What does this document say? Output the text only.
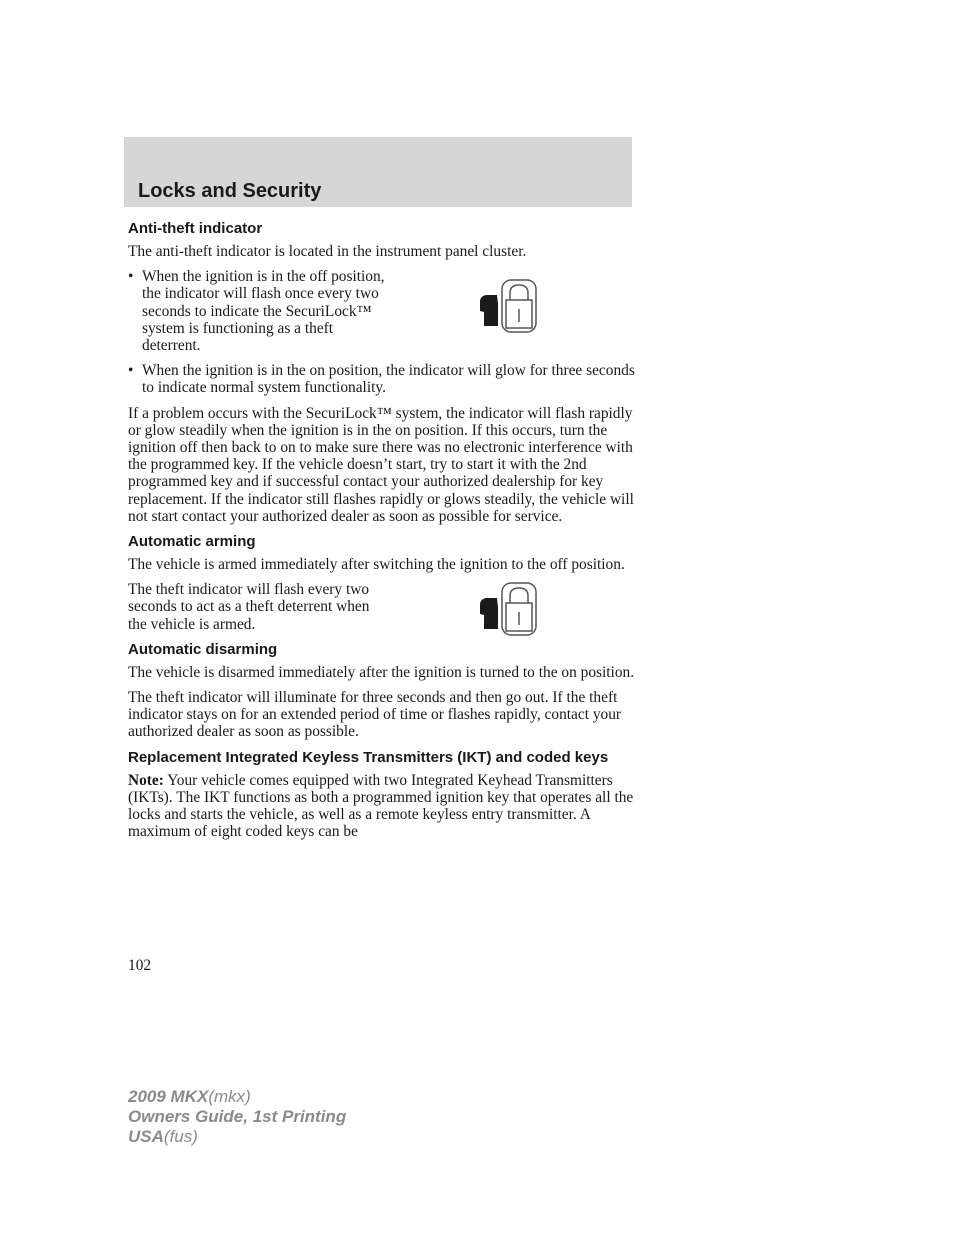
Locks and Security
Anti-theft indicator

The anti-theft indicator is located in the instrument panel cluster.

• When the ignition is in the off position, the indicator will flash once every two seconds to indicate the SecuriLock™ system is functioning as a theft deterrent.
• When the ignition is in the on position, the indicator will glow for three seconds to indicate normal system functionality.

If a problem occurs with the SecuriLock™ system, the indicator will flash rapidly or glow steadily when the ignition is in the on position. If this occurs, turn the ignition off then back to on to make sure there was no electronic interference with the programmed key. If the vehicle doesn’t start, try to start it with the 2nd programmed key and if successful contact your authorized dealership for key replacement. If the indicator still flashes rapidly or glows steadily, the vehicle will not start contact your authorized dealer as soon as possible for service.

Automatic arming

The vehicle is armed immediately after switching the ignition to the off position.

The theft indicator will flash every two seconds to act as a theft deterrent when the vehicle is armed.

Automatic disarming

The vehicle is disarmed immediately after the ignition is turned to the on position.

The theft indicator will illuminate for three seconds and then go out. If the theft indicator stays on for an extended period of time or flashes rapidly, contact your authorized dealer as soon as possible.

Replacement Integrated Keyless Transmitters (IKT) and coded keys

Note: Your vehicle comes equipped with two Integrated Keyhead Transmitters (IKTs). The IKT functions as both a programmed ignition key that operates all the locks and starts the vehicle, as well as a remote keyless entry transmitter. A maximum of eight coded keys can be

102
2009 MKX(mkx)
Owners Guide, 1st Printing
USA(fus)
